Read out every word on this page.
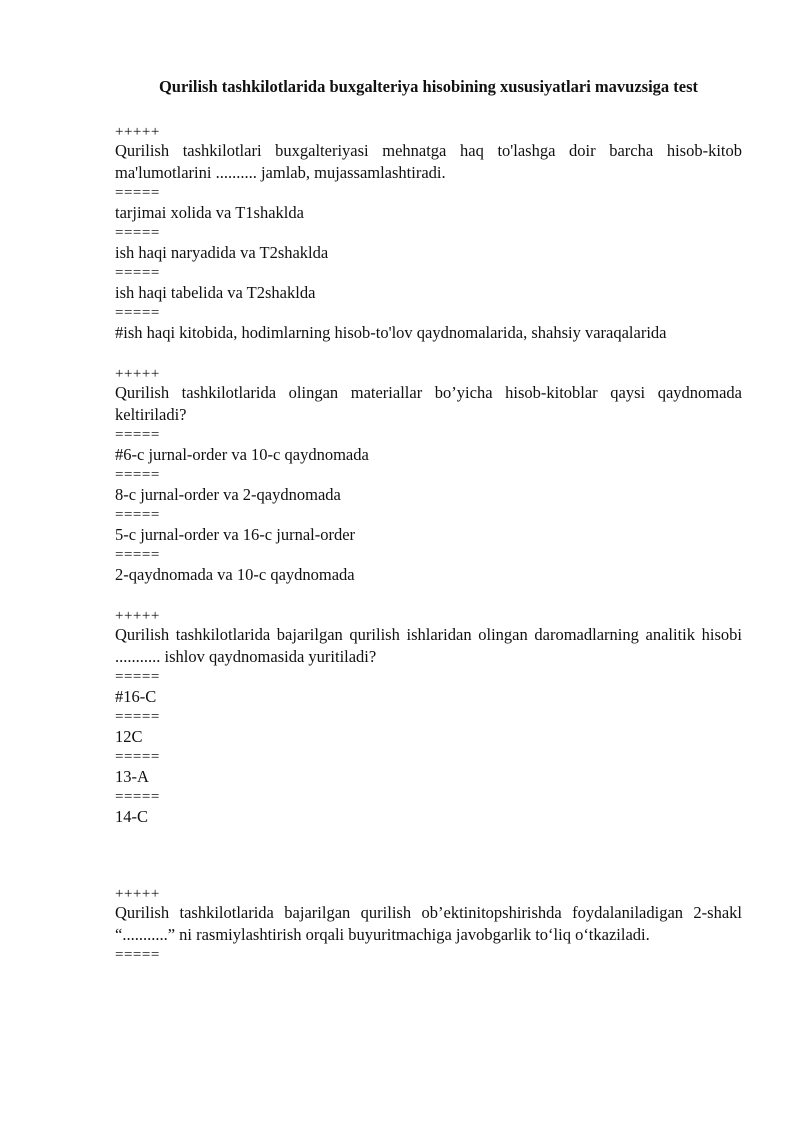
Qurilish tashkilotlarida buxgalteriya hisobining xususiyatlari mavuzsiga test
+++++
Qurilish tashkilotlari buxgalteriyasi mehnatga haq to'lashga doir barcha hisob-kitob ma'lumotlarini .......... jamlab, mujassamlashtiradi.
=====
tarjimai xolida va T1shaklda
=====
ish haqi naryadida va T2shaklda
=====
ish haqi tabelida va T2shaklda
=====
#ish haqi kitobida, hodimlarning hisob-to'lov qaydnomalarida, shahsiy varaqalarida
+++++
Qurilish tashkilotlarida olingan materiallar bo’yicha hisob-kitoblar qaysi qaydnomada keltiriladi?
=====
#6-c jurnal-order va 10-c qaydnomada
=====
8-c jurnal-order va 2-qaydnomada
=====
5-c jurnal-order va 16-c jurnal-order
=====
2-qaydnomada va 10-c qaydnomada
+++++
Qurilish tashkilotlarida bajarilgan qurilish ishlaridan olingan daromadlarning analitik hisobi ........... ishlov qaydnomasida yuritiladi?
=====
#16-C
=====
12C
=====
13-A
=====
14-C
+++++
Qurilish tashkilotlarida bajarilgan qurilish ob’ektinitopshirishda foydalaniladigan 2-shakl “...........” ni rasmiylashtirish orqali buyuritmachiga javobgarlik to‘liq o‘tkaziladi.
=====
